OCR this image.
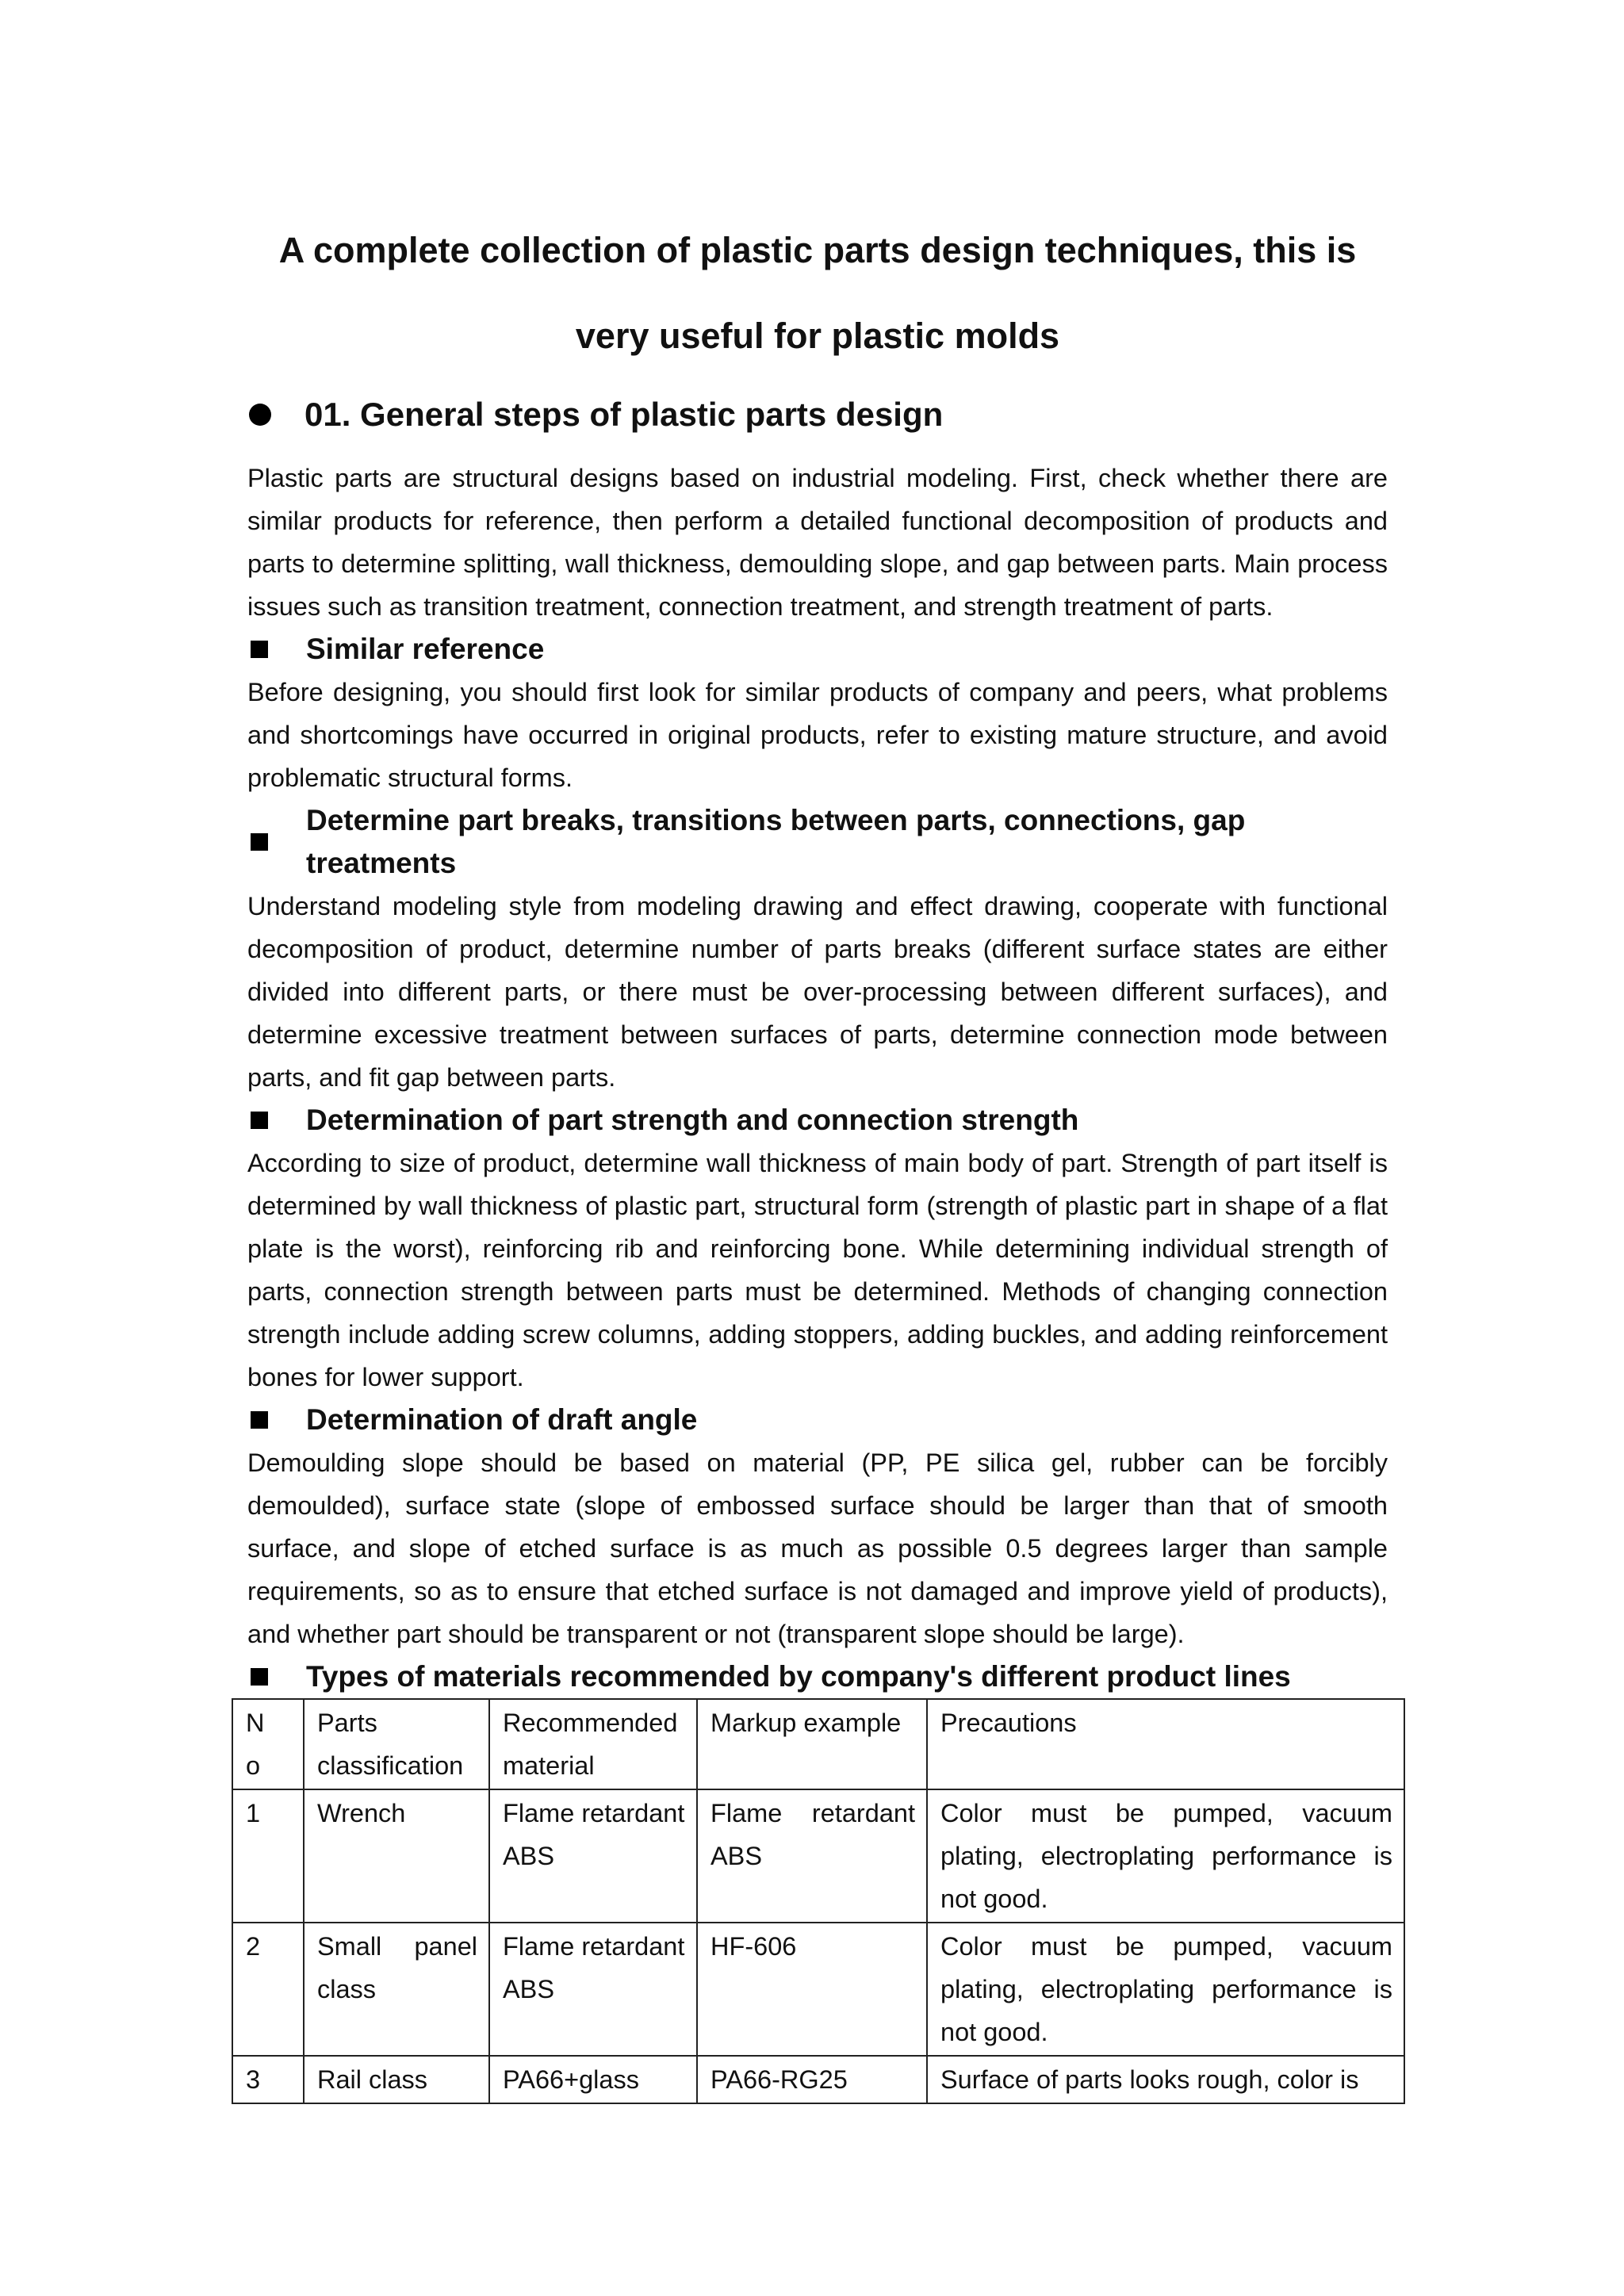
A complete collection of plastic parts design techniques, this is
very useful for plastic molds
01. General steps of plastic parts design

Plastic parts are structural designs based on industrial modeling. First, check whether there are similar products for reference, then perform a detailed functional decomposition of products and parts to determine splitting, wall thickness, demoulding slope, and gap between parts. Main process issues such as transition treatment, connection treatment, and strength treatment of parts.

Similar reference

Before designing, you should first look for similar products of company and peers, what problems and shortcomings have occurred in original products, refer to existing mature structure, and avoid problematic structural forms.

Determine part breaks, transitions between parts, connections, gap treatments

Understand modeling style from modeling drawing and effect drawing, cooperate with functional decomposition of product, determine number of parts breaks (different surface states are either divided into different parts, or there must be over-processing between different surfaces), and determine excessive treatment between surfaces of parts, determine connection mode between parts, and fit gap between parts.

Determination of part strength and connection strength

According to size of product, determine wall thickness of main body of part. Strength of part itself is determined by wall thickness of plastic part, structural form (strength of plastic part in shape of a flat plate is the worst), reinforcing rib and reinforcing bone. While determining individual strength of parts, connection strength between parts must be determined. Methods of changing connection strength include adding screw columns, adding stoppers, adding buckles, and adding reinforcement bones for lower support.

Determination of draft angle

Demoulding slope should be based on material (PP, PE silica gel, rubber can be forcibly demoulded), surface state (slope of embossed surface should be larger than that of smooth surface, and slope of etched surface is as much as possible 0.5 degrees larger than sample requirements, so as to ensure that etched surface is not damaged and improve yield of products), and whether part should be transparent or not (transparent slope should be large).

Types of materials recommended by company's different product lines
N
o	Parts classification	Recommended material	Markup example	Precautions
1	Wrench	Flame retardant ABS	Flame retardant ABS	Color must be pumped, vacuum plating, electroplating performance is not good.
2	Small panel class	Flame retardant ABS	HF-606	Color must be pumped, vacuum plating, electroplating performance is not good.
3	Rail class	PA66+glass	PA66-RG25	Surface of parts looks rough, color is
